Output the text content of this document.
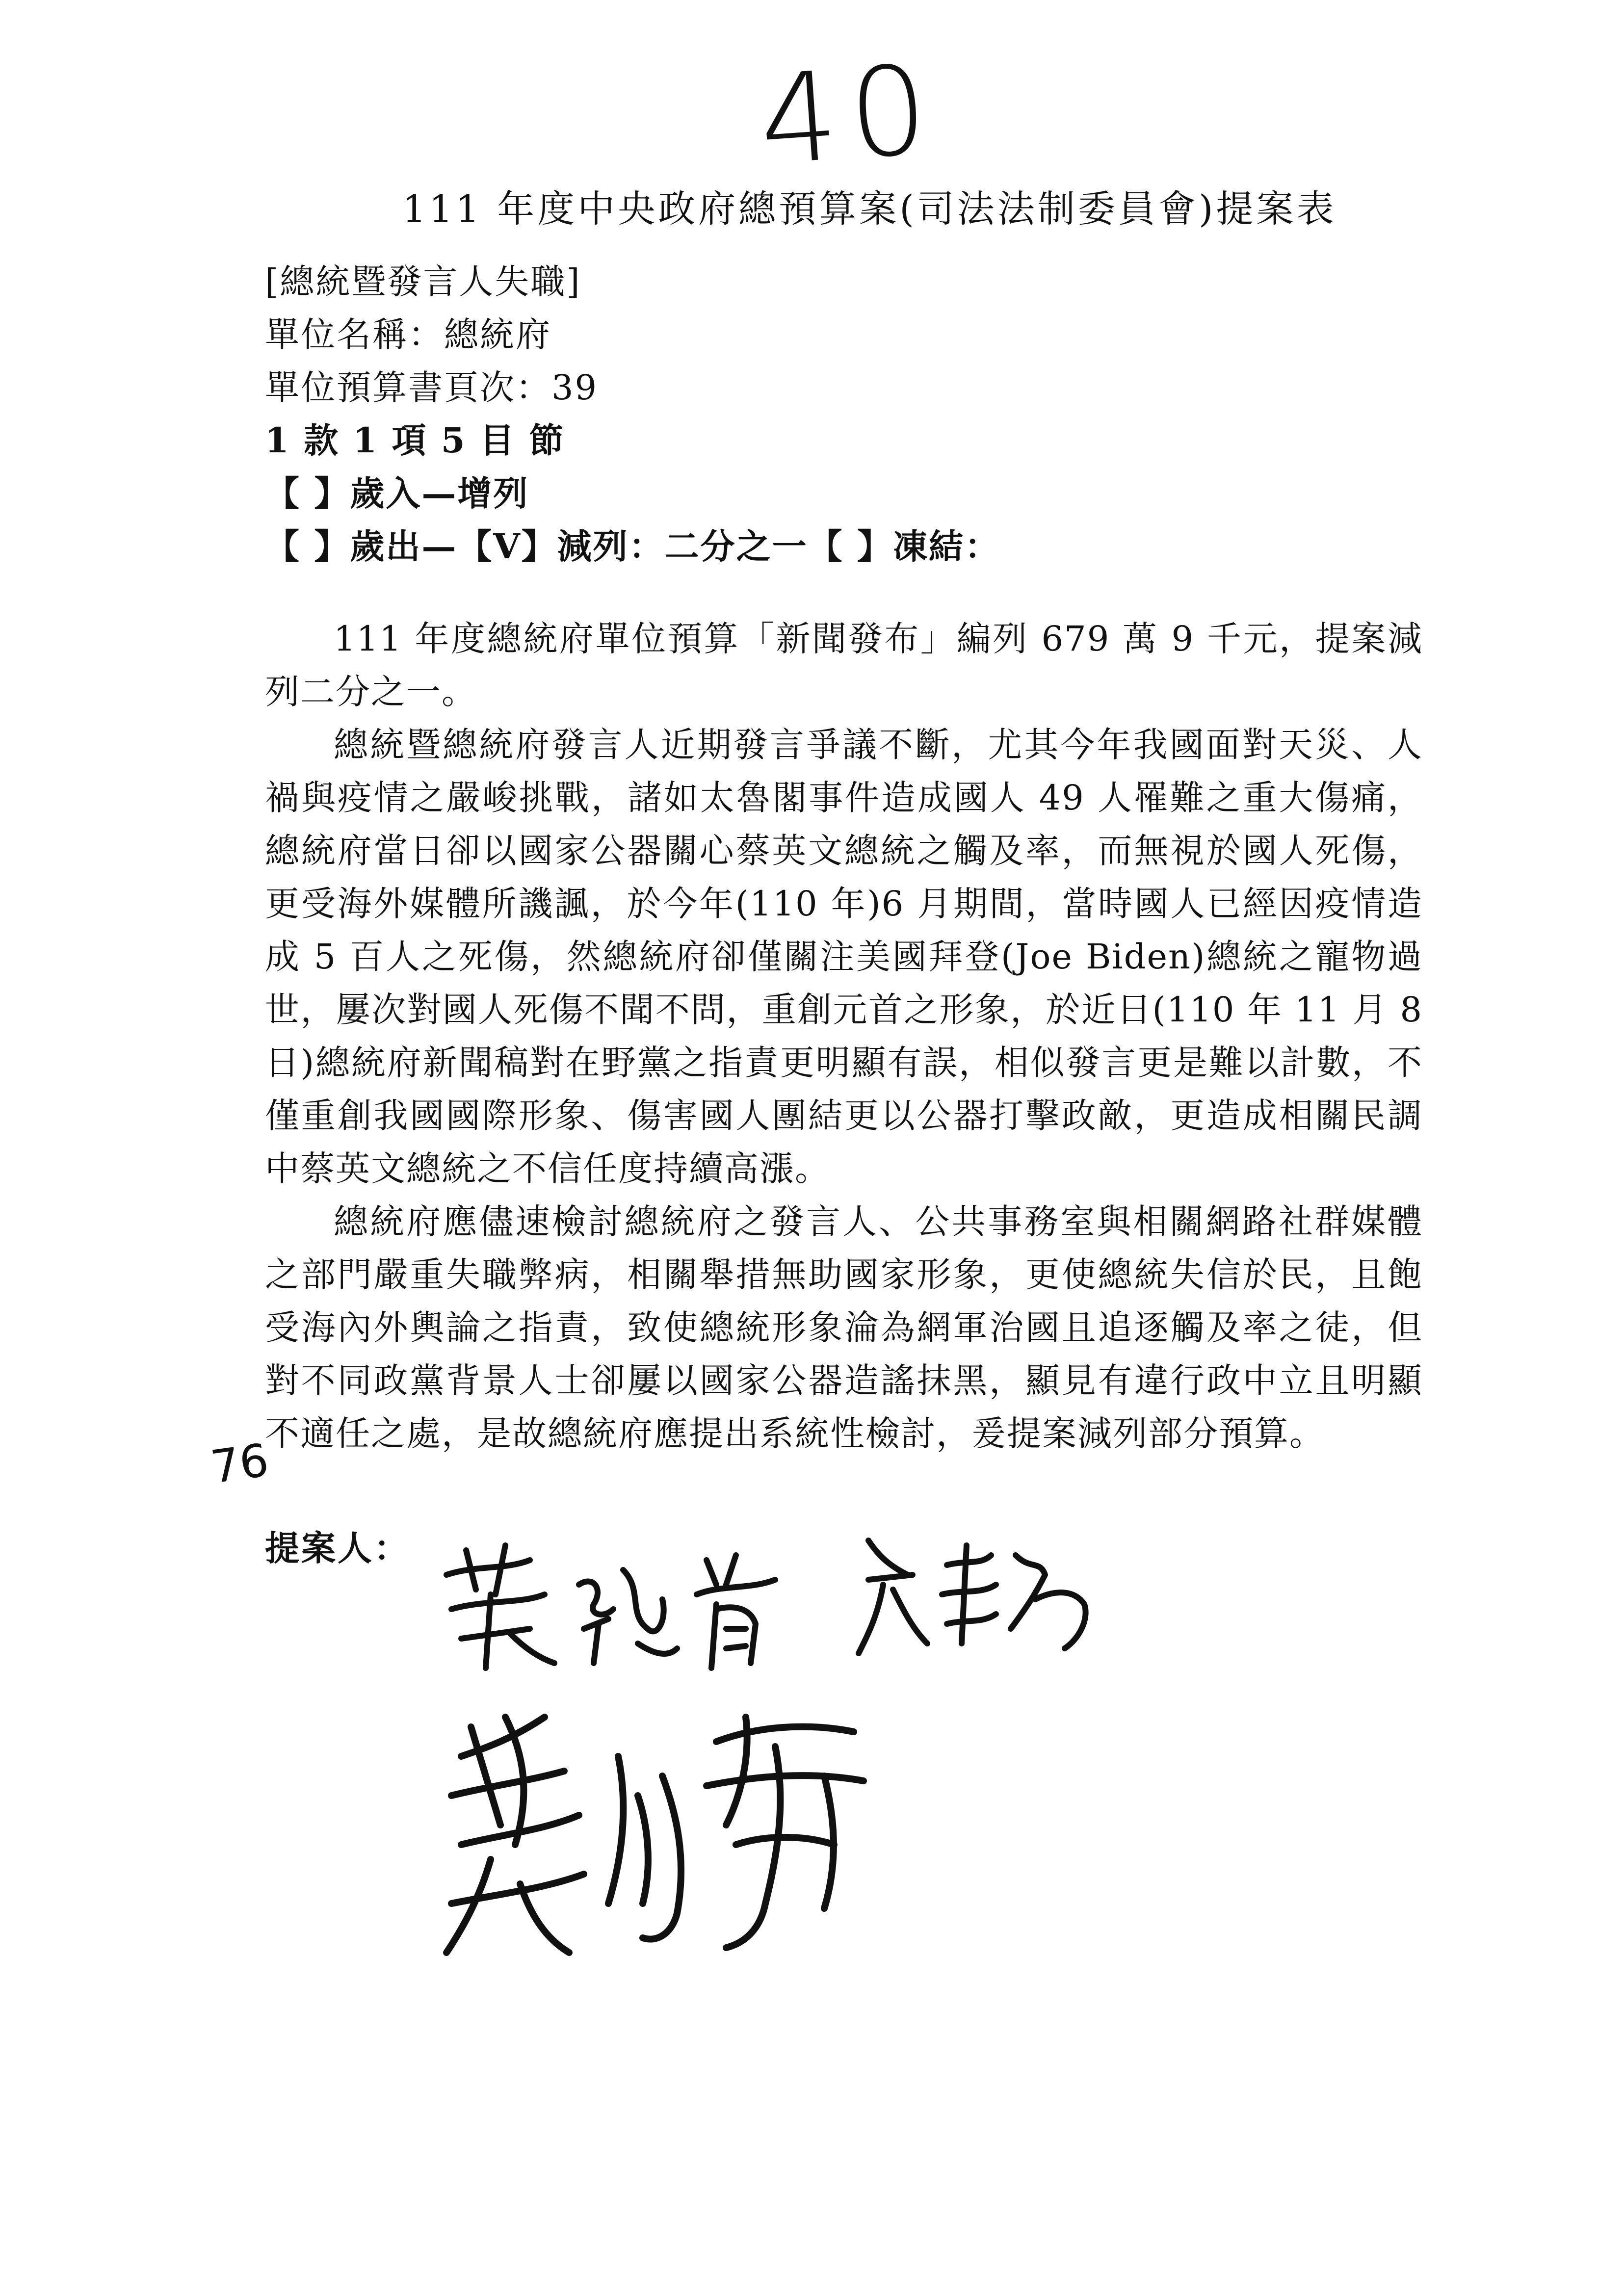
40
111 年度中央政府總預算案(司法法制委員會)提案表
[總統暨發言人失職]
單位名稱：總統府
單位預算書頁次：39
1 款 1 項 5 目 節
【 】歲入—增列
【 】歲出—【V】減列：二分之一【 】凍結：

111 年度總統府單位預算「新聞發布」編列 679 萬 9 千元，提案減列二分之一。

總統暨總統府發言人近期發言爭議不斷，尤其今年我國面對天災、人禍與疫情之嚴峻挑戰，諸如太魯閣事件造成國人 49 人罹難之重大傷痛，總統府當日卻以國家公器關心蔡英文總統之觸及率，而無視於國人死傷，更受海外媒體所譏諷，於今年(110 年)6 月期間，當時國人已經因疫情造成 5 百人之死傷，然總統府卻僅關注美國拜登(Joe Biden)總統之寵物過世，屢次對國人死傷不聞不問，重創元首之形象，於近日(110 年 11 月 8 日)總統府新聞稿對在野黨之指責更明顯有誤，相似發言更是難以計數，不僅重創我國國際形象、傷害國人團結更以公器打擊政敵，更造成相關民調中蔡英文總統之不信任度持續高漲。

總統府應儘速檢討總統府之發言人、公共事務室與相關網路社群媒體之部門嚴重失職弊病，相關舉措無助國家形象，更使總統失信於民，且飽受海內外輿論之指責，致使總統形象淪為網軍治國且追逐觸及率之徒，但對不同政黨背景人士卻屢以國家公器造謠抹黑，顯見有違行政中立且明顯不適任之處，是故總統府應提出系統性檢討，爰提案減列部分預算。

76
提案人：
